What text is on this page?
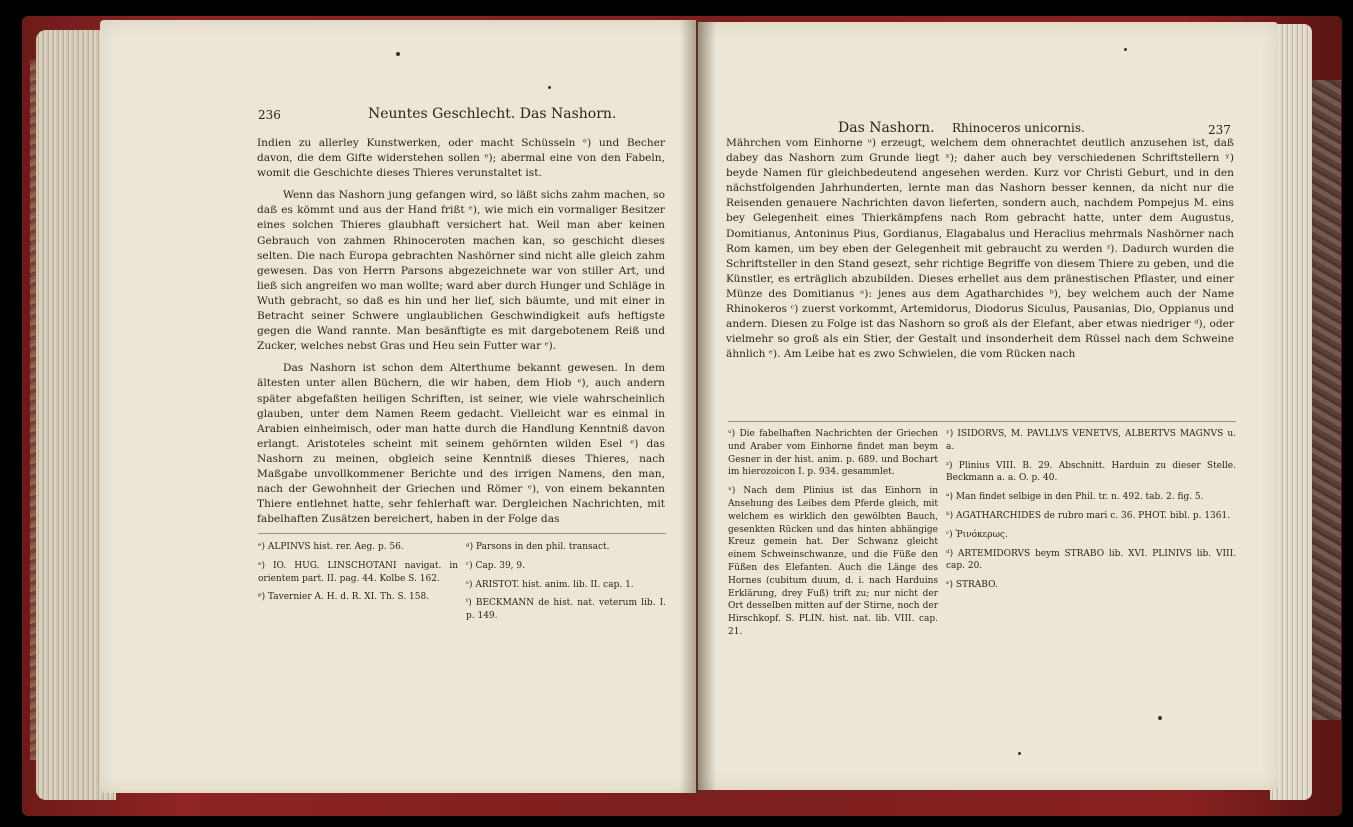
236	Neuntes Geschlecht. Das Nashorn.

Indien zu allerley Kunstwerken, oder macht Schüsseln ᵉ) und Becher davon, die dem Gifte widerstehen sollen ᵉ); abermal eine von den Fabeln, womit die Geschichte dieses Thieres verunstaltet ist.

Wenn das Nashorn jung gefangen wird, so läßt sichs zahm machen, so daß es kömmt und aus der Hand frißt ᵉ), wie mich ein vormaliger Besitzer eines solchen Thieres glaubhaft versichert hat. Weil man aber keinen Gebrauch von zahmen Rhinoceroten machen kan, so geschicht dieses selten. Die nach Europa gebrachten Nashörner sind nicht alle gleich zahm gewesen. Das von Herrn Parsons abgezeichnete war von stiller Art, und ließ sich angreifen wo man wollte; ward aber durch Hunger und Schläge in Wuth gebracht, so daß es hin und her lief, sich bäumte, und mit einer in Betracht seiner Schwere unglaublichen Geschwindigkeit aufs heftigste gegen die Wand rannte. Man besänftigte es mit dargebotenem Reiß und Zucker, welches nebst Gras und Heu sein Futter war ᵉ).

Das Nashorn ist schon dem Alterthume bekannt gewesen. In dem ältesten unter allen Büchern, die wir haben, dem Hiob ᵉ), auch andern später abgefaßten heiligen Schriften, ist seiner, wie viele wahrscheinlich glauben, unter dem Namen Reem gedacht. Vielleicht war es einmal in Arabien einheimisch, oder man hatte durch die Handlung Kenntniß davon erlangt. Aristoteles scheint mit seinem gehörnten wilden Esel ᵉ) das Nashorn zu meinen, obgleich seine Kenntniß dieses Thieres, nach Maßgabe unvollkommener Berichte und des irrigen Namens, den man, nach der Gewohnheit der Griechen und Römer ᵉ), von einem bekannten Thiere entlehnet hatte, sehr fehlerhaft war. Dergleichen Nachrichten, mit fabelhaften Zusätzen bereichert, haben in der Folge das

ᵉ) ALPINVS hist. rer. Aeg. p. 56.

ᵉ) IO. HUG. LINSCHOTANI navigat. in orientem part. II. pag. 44. Kolbe S. 162.

ᵖ) Tavernier A. H. d. R. XI. Th. S. 158.

ᵍ) Parsons in den phil. transact.

ʳ) Cap. 39, 9.

ˢ) ARISTOT. hist. anim. lib. II. cap. 1.

ᵗ) BECKMANN de hist. nat. veterum lib. I. p. 149.

Das Nashorn. Rhinoceros unicornis.	237

Mährchen vom Einhorne ᵘ) erzeugt, welchem dem ohnerachtet deutlich anzusehen ist, daß dabey das Nashorn zum Grunde liegt ˣ); daher auch bey verschiedenen Schriftstellern ʸ) beyde Namen für gleichbedeutend angesehen werden. Kurz vor Christi Geburt, und in den nächstfolgenden Jahrhunderten, lernte man das Nashorn besser kennen, da nicht nur die Reisenden genauere Nachrichten davon lieferten, sondern auch, nachdem Pompejus M. eins bey Gelegenheit eines Thierkämpfens nach Rom gebracht hatte, unter dem Augustus, Domitianus, Antoninus Pius, Gordianus, Elagabalus und Heraclius mehrmals Nashörner nach Rom kamen, um bey eben der Gelegenheit mit gebraucht zu werden ᶻ). Dadurch wurden die Schriftsteller in den Stand gesezt, sehr richtige Begriffe von diesem Thiere zu geben, und die Künstler, es erträglich abzubilden. Dieses erhellet aus dem pränestischen Pflaster, und einer Münze des Domitianus ᵃ): jenes aus dem Agatharchides ᵇ), bey welchem auch der Name Rhinokeros ᶜ) zuerst vorkommt, Artemidorus, Diodorus Siculus, Pausanias, Dio, Oppianus und andern. Diesen zu Folge ist das Nashorn so groß als der Elefant, aber etwas niedriger ᵈ), oder vielmehr so groß als ein Stier, der Gestalt und insonderheit dem Rüssel nach dem Schweine ähnlich ᵉ). Am Leibe hat es zwo Schwielen, die vom Rücken nach

ᵘ) Die fabelhaften Nachrichten der Griechen und Araber vom Einhorne findet man beym Gesner in der hist. anim. p. 689. und Bochart im hierozoicon I. p. 934. gesammlet.

ˣ) Nach dem Plinius ist das Einhorn in Ansehung des Leibes dem Pferde gleich, mit welchem es wirklich den gewölbten Bauch, gesenkten Rücken und das hinten abhängige Kreuz gemein hat. Der Schwanz gleicht einem Schweinschwanze, und die Füße den Füßen des Elefanten. Auch die Länge des Hornes (cubitum duum, d. i. nach Harduins Erklärung, drey Fuß) trift zu; nur nicht der Ort desselben mitten auf der Stirne, noch der Hirschkopf. S. PLIN. hist. nat. lib. VIII. cap. 21.

ʸ) ISIDORVS, M. PAVLLVS VENETVS, ALBERTVS MAGNVS u. a.

ᶻ) Plinius VIII. B. 29. Abschnitt. Harduin zu dieser Stelle. Beckmann a. a. O. p. 40.

ᵃ) Man findet selbige in den Phil. tr. n. 492. tab. 2. fig. 5.

ᵇ) AGATHARCHIDES de rubro mari c. 36. PHOT. bibl. p. 1361.

ᶜ) Ῥινόκερως.

ᵈ) ARTEMIDORVS beym STRABO lib. XVI. PLINIVS lib. VIII. cap. 20.

ᵉ) STRABO.
